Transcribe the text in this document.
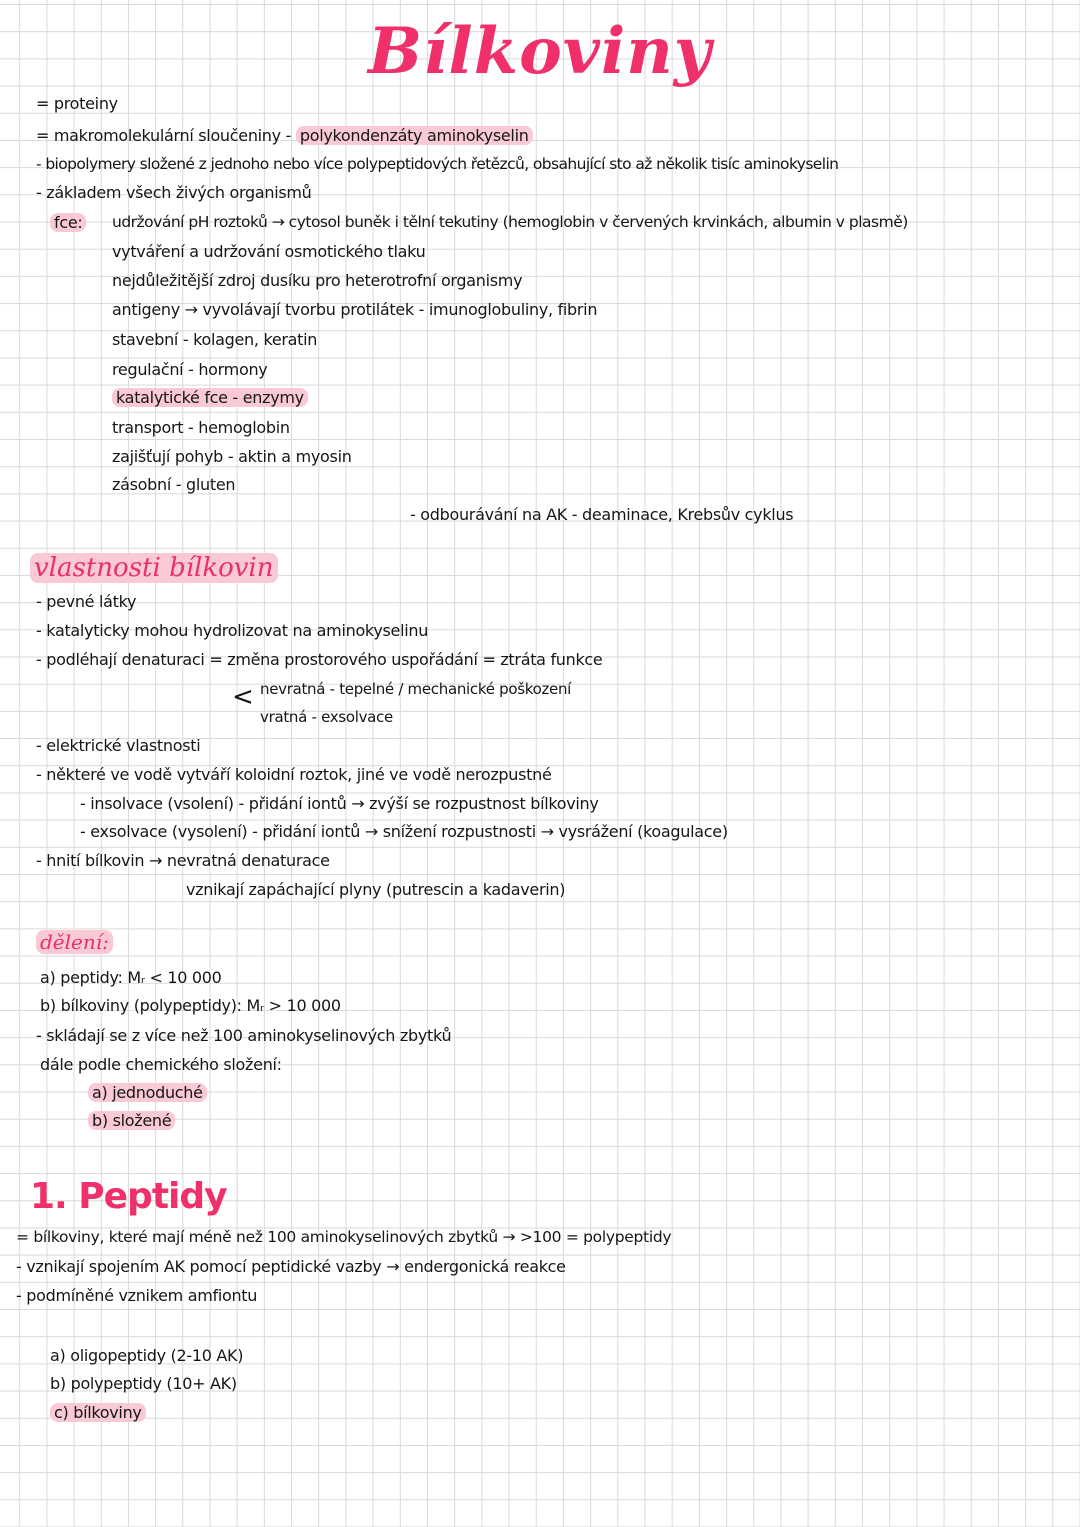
Bílkoviny
= proteiny
= makromolekulární sloučeniny - polykondenzáty aminokyselin
- biopolymery složené z jednoho nebo více polypeptidových řetězců, obsahující sto až několik tisíc aminokyselin
- základem všech živých organismů
fce: udržování pH roztoků → cytosol buněk i tělní tekutiny (hemoglobin v červených krvinkách, albumin v plasmě)
vytváření a udržování osmotického tlaku
nejdůležitější zdroj dusíku pro heterotrofní organismy
antigeny → vyvolávají tvorbu protilátek - imunoglobuliny, fibrin
stavební - kolagen, keratin
regulační - hormony
katalytické fce - enzymy
transport - hemoglobin
zajišťují pohyb - aktin a myosin
zásobní - gluten
- odbourávání na AK - deaminace, Krebsův cyklus
vlastnosti bílkovin
- pevné látky
- katalyticky mohou hydrolizovat na aminokyselinu
- podléhají denaturaci = změna prostorového uspořádání = ztráta funkce
< nevratná - tepelné / mechanické poškození
vratná - exsolvace
- elektrické vlastnosti
- některé ve vodě vytváří koloidní roztok, jiné ve vodě nerozpustné
- insolvace (vsolení) - přidání iontů → zvýší se rozpustnost bílkoviny
- exsolvace (vysolení) - přidání iontů → snížení rozpustnosti → vysrážení (koagulace)
- hnití bílkovin → nevratná denaturace
vznikají zapáchající plyny (putrescin a kadaverin)
dělení:
a) peptidy: Mᵣ < 10 000
b) bílkoviny (polypeptidy): Mᵣ > 10 000
- skládají se z více než 100 aminokyselinových zbytků
dále podle chemického složení:
a) jednoduché
b) složené
1. Peptidy
= bílkoviny, které mají méně než 100 aminokyselinových zbytků → >100 = polypeptidy
- vznikají spojením AK pomocí peptidické vazby → endergonická reakce
- podmíněné vznikem amfiontu
a) oligopeptidy (2-10 AK)
b) polypeptidy (10+ AK)
c) bílkoviny
